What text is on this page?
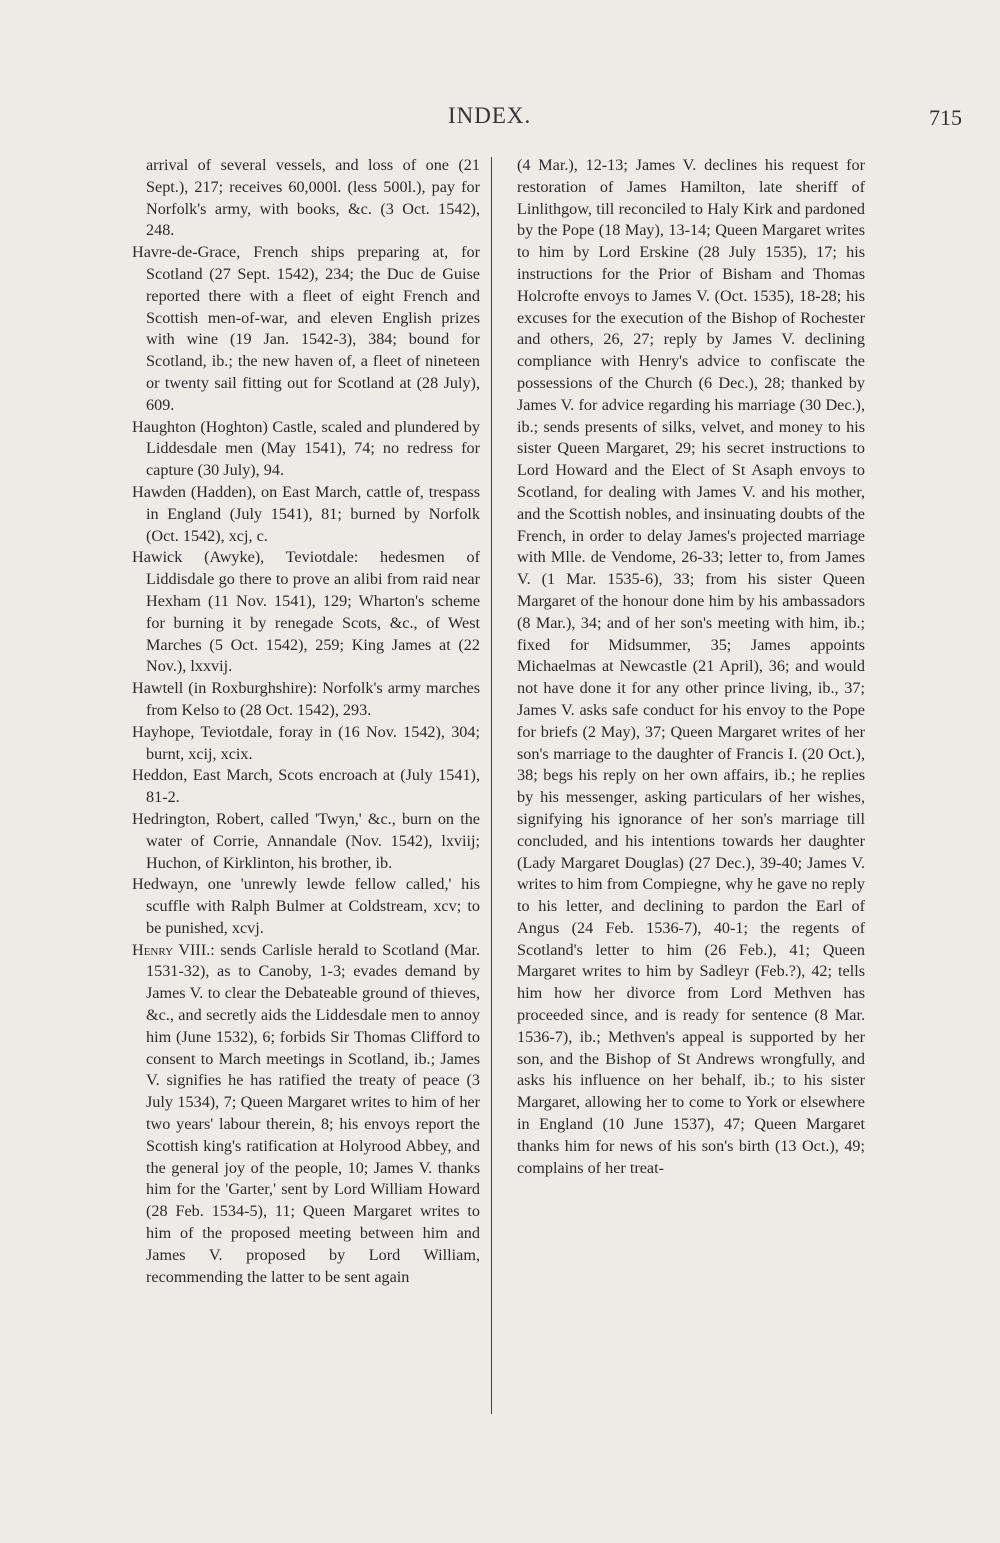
INDEX.	715

arrival of several vessels, and loss of one (21 Sept.), 217; receives 60,000l. (less 500l.), pay for Norfolk's army, with books, &c. (3 Oct. 1542), 248.

Havre-de-Grace, French ships preparing at, for Scotland (27 Sept. 1542), 234; the Duc de Guise reported there with a fleet of eight French and Scottish men-of-war, and eleven English prizes with wine (19 Jan. 1542-3), 384; bound for Scotland, ib.; the new haven of, a fleet of nineteen or twenty sail fitting out for Scotland at (28 July), 609.

Haughton (Hoghton) Castle, scaled and plundered by Liddesdale men (May 1541), 74; no redress for capture (30 July), 94.

Hawden (Hadden), on East March, cattle of, trespass in England (July 1541), 81; burned by Norfolk (Oct. 1542), xcj, c.

Hawick (Awyke), Teviotdale: hedesmen of Liddisdale go there to prove an alibi from raid near Hexham (11 Nov. 1541), 129; Wharton's scheme for burning it by renegade Scots, &c., of West Marches (5 Oct. 1542), 259; King James at (22 Nov.), lxxvij.

Hawtell (in Roxburghshire): Norfolk's army marches from Kelso to (28 Oct. 1542), 293.

Hayhope, Teviotdale, foray in (16 Nov. 1542), 304; burnt, xcij, xcix.

Heddon, East March, Scots encroach at (July 1541), 81-2.

Hedrington, Robert, called 'Twyn,' &c., burn on the water of Corrie, Annandale (Nov. 1542), lxviij; Huchon, of Kirklinton, his brother, ib.

Hedwayn, one 'unrewly lewde fellow called,' his scuffle with Ralph Bulmer at Coldstream, xcv; to be punished, xcvj.

Henry VIII.: sends Carlisle herald to Scotland (Mar. 1531-32), as to Canoby, 1-3; evades demand by James V. to clear the Debateable ground of thieves, &c., and secretly aids the Liddesdale men to annoy him (June 1532), 6; forbids Sir Thomas Clifford to consent to March meetings in Scotland, ib.; James V. signifies he has ratified the treaty of peace (3 July 1534), 7; Queen Margaret writes to him of her two years' labour therein, 8; his envoys report the Scottish king's ratification at Holyrood Abbey, and the general joy of the people, 10; James V. thanks him for the 'Garter,' sent by Lord William Howard (28 Feb. 1534-5), 11; Queen Margaret writes to him of the proposed meeting between him and James V. proposed by Lord William, recommending the latter to be sent again

(4 Mar.), 12-13; James V. declines his request for restoration of James Hamilton, late sheriff of Linlithgow, till reconciled to Haly Kirk and pardoned by the Pope (18 May), 13-14; Queen Margaret writes to him by Lord Erskine (28 July 1535), 17; his instructions for the Prior of Bisham and Thomas Holcrofte envoys to James V. (Oct. 1535), 18-28; his excuses for the execution of the Bishop of Rochester and others, 26, 27; reply by James V. declining compliance with Henry's advice to confiscate the possessions of the Church (6 Dec.), 28; thanked by James V. for advice regarding his marriage (30 Dec.), ib.; sends presents of silks, velvet, and money to his sister Queen Margaret, 29; his secret instructions to Lord Howard and the Elect of St Asaph envoys to Scotland, for dealing with James V. and his mother, and the Scottish nobles, and insinuating doubts of the French, in order to delay James's projected marriage with Mlle. de Vendome, 26-33; letter to, from James V. (1 Mar. 1535-6), 33; from his sister Queen Margaret of the honour done him by his ambassadors (8 Mar.), 34; and of her son's meeting with him, ib.; fixed for Midsummer, 35; James appoints Michaelmas at Newcastle (21 April), 36; and would not have done it for any other prince living, ib., 37; James V. asks safe conduct for his envoy to the Pope for briefs (2 May), 37; Queen Margaret writes of her son's marriage to the daughter of Francis I. (20 Oct.), 38; begs his reply on her own affairs, ib.; he replies by his messenger, asking particulars of her wishes, signifying his ignorance of her son's marriage till concluded, and his intentions towards her daughter (Lady Margaret Douglas) (27 Dec.), 39-40; James V. writes to him from Compiegne, why he gave no reply to his letter, and declining to pardon the Earl of Angus (24 Feb. 1536-7), 40-1; the regents of Scotland's letter to him (26 Feb.), 41; Queen Margaret writes to him by Sadleyr (Feb.?), 42; tells him how her divorce from Lord Methven has proceeded since, and is ready for sentence (8 Mar. 1536-7), ib.; Methven's appeal is supported by her son, and the Bishop of St Andrews wrongfully, and asks his influence on her behalf, ib.; to his sister Margaret, allowing her to come to York or elsewhere in England (10 June 1537), 47; Queen Margaret thanks him for news of his son's birth (13 Oct.), 49; complains of her treat-
